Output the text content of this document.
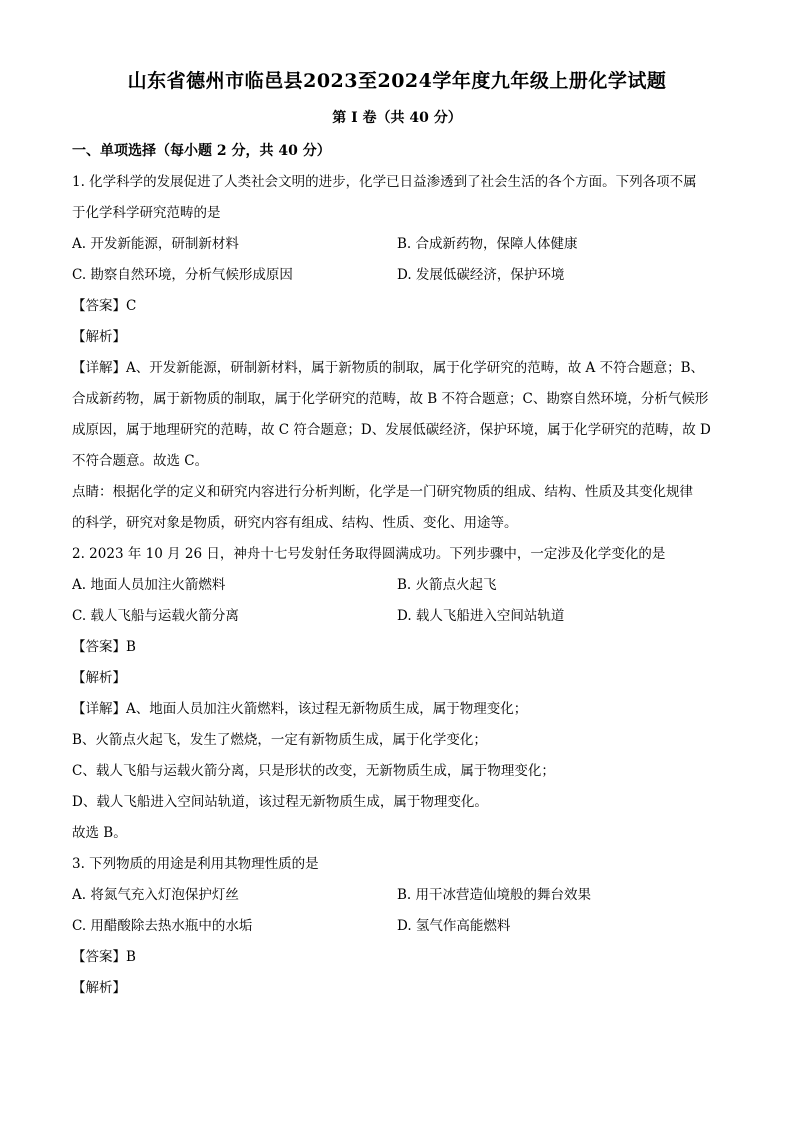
山东省德州市临邑县2023至2024学年度九年级上册化学试题
第 I 卷（共 40 分）
一、单项选择（每小题 2 分，共 40 分）
1. 化学科学的发展促进了人类社会文明的进步，化学已日益渗透到了社会生活的各个方面。下列各项不属
于化学科学研究范畴的是
A. 开发新能源，研制新材料	B. 合成新药物，保障人体健康
C. 勘察自然环境，分析气候形成原因	D. 发展低碳经济，保护环境
【答案】C
【解析】
【详解】A、开发新能源，研制新材料，属于新物质的制取，属于化学研究的范畴，故 A 不符合题意；B、
合成新药物，属于新物质的制取，属于化学研究的范畴，故 B 不符合题意；C、勘察自然环境，分析气候形
成原因，属于地理研究的范畴，故 C 符合题意；D、发展低碳经济，保护环境，属于化学研究的范畴，故 D
不符合题意。故选 C。
点睛：根据化学的定义和研究内容进行分析判断，化学是一门研究物质的组成、结构、性质及其变化规律
的科学，研究对象是物质，研究内容有组成、结构、性质、变化、用途等。
2. 2023 年 10 月 26 日，神舟十七号发射任务取得圆满成功。下列步骤中，一定涉及化学变化的是
A. 地面人员加注火箭燃料	B. 火箭点火起飞
C. 载人飞船与运载火箭分离	D. 载人飞船进入空间站轨道
【答案】B
【解析】
【详解】A、地面人员加注火箭燃料，该过程无新物质生成，属于物理变化；
B、火箭点火起飞，发生了燃烧，一定有新物质生成，属于化学变化；
C、载人飞船与运载火箭分离，只是形状的改变，无新物质生成，属于物理变化；
D、载人飞船进入空间站轨道，该过程无新物质生成，属于物理变化。
故选 B。
3. 下列物质的用途是利用其物理性质的是
A. 将氮气充入灯泡保护灯丝	B. 用干冰营造仙境般的舞台效果
C. 用醋酸除去热水瓶中的水垢	D. 氢气作高能燃料
【答案】B
【解析】
